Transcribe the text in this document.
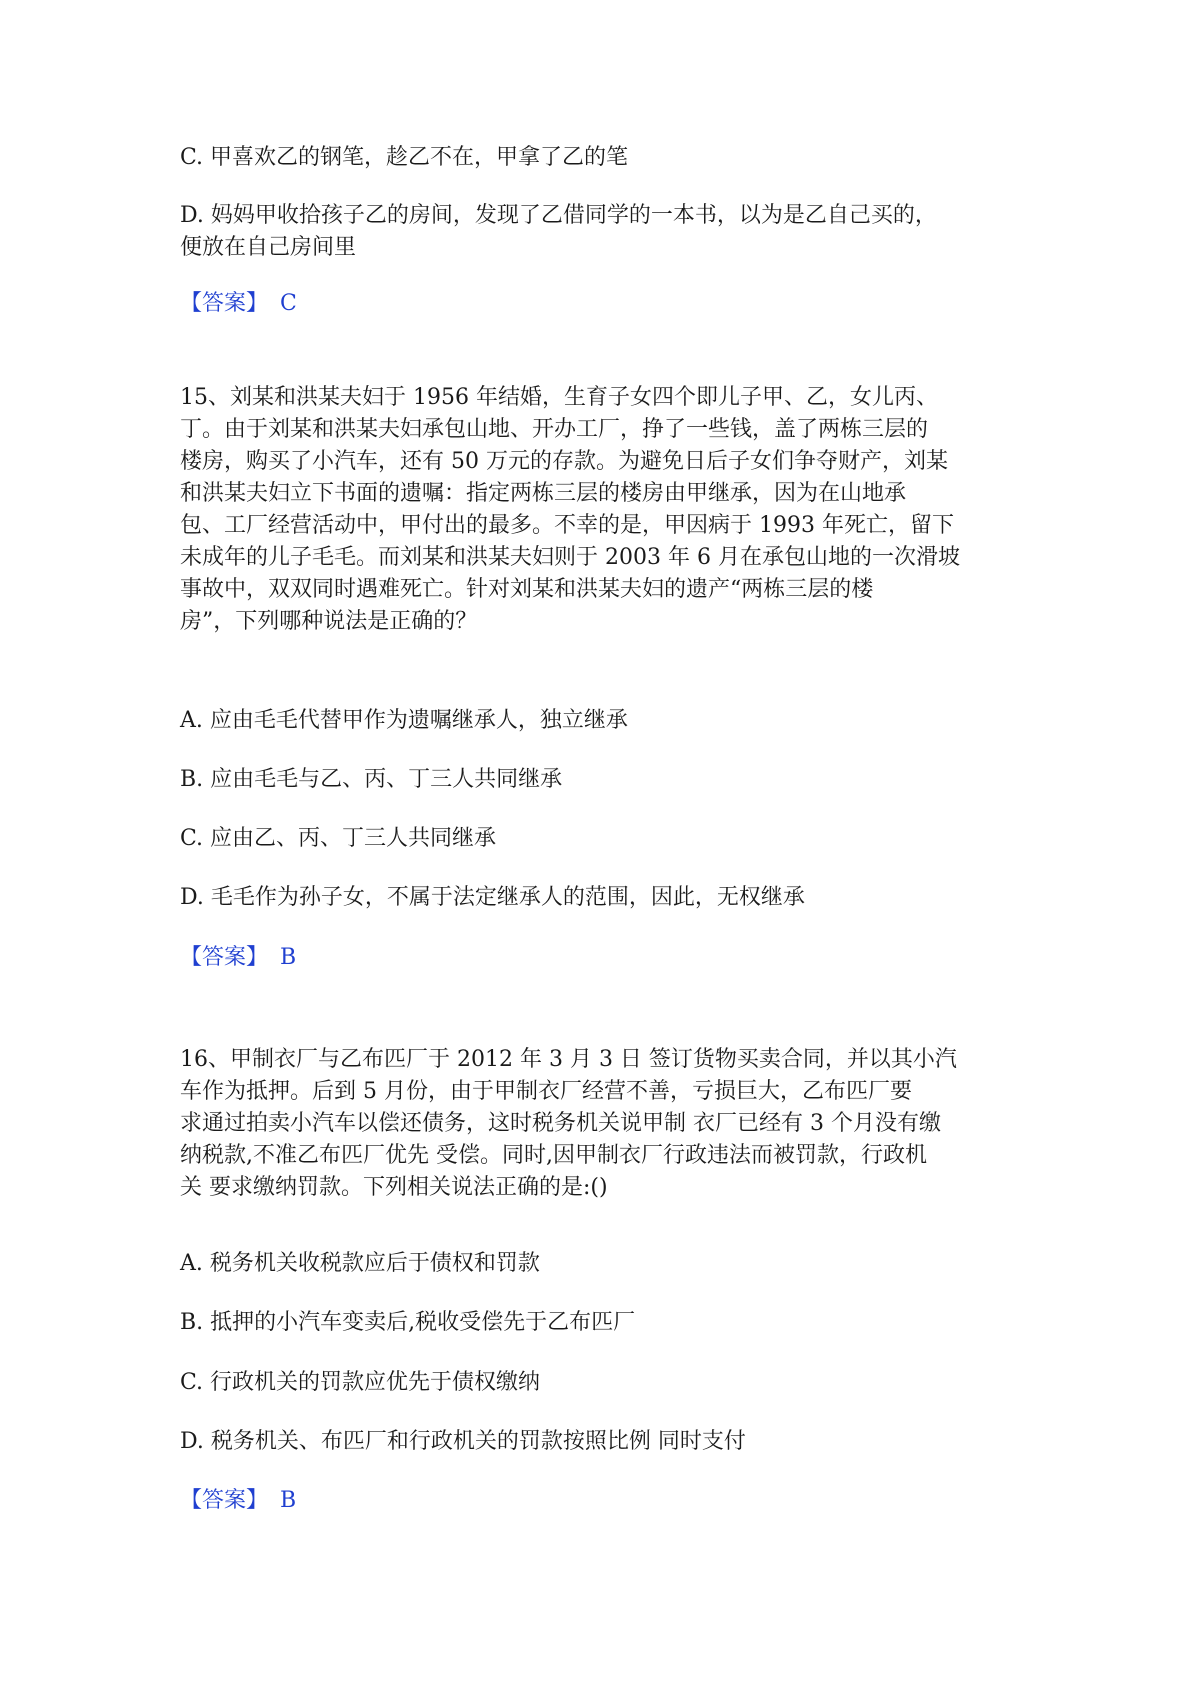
C. 甲喜欢乙的钢笔，趁乙不在，甲拿了乙的笔
D. 妈妈甲收拾孩子乙的房间，发现了乙借同学的一本书，以为是乙自己买的，
便放在自己房间里
【答案】 C
15、刘某和洪某夫妇于 1956 年结婚，生育子女四个即儿子甲、乙，女儿丙、
丁。由于刘某和洪某夫妇承包山地、开办工厂，挣了一些钱，盖了两栋三层的
楼房，购买了小汽车，还有 50 万元的存款。为避免日后子女们争夺财产，刘某
和洪某夫妇立下书面的遗嘱：指定两栋三层的楼房由甲继承，因为在山地承
包、工厂经营活动中，甲付出的最多。不幸的是，甲因病于 1993 年死亡，留下
未成年的儿子毛毛。而刘某和洪某夫妇则于 2003 年 6 月在承包山地的一次滑坡
事故中，双双同时遇难死亡。针对刘某和洪某夫妇的遗产“两栋三层的楼
房”，下列哪种说法是正确的？
A. 应由毛毛代替甲作为遗嘱继承人，独立继承
B. 应由毛毛与乙、丙、丁三人共同继承
C. 应由乙、丙、丁三人共同继承
D. 毛毛作为孙子女，不属于法定继承人的范围，因此，无权继承
【答案】 B
16、甲制衣厂与乙布匹厂于 2012 年 3 月 3 日 签订货物买卖合同，并以其小汽
车作为抵押。后到 5 月份，由于甲制衣厂经营不善，亏损巨大，乙布匹厂要
求通过拍卖小汽车以偿还债务，这时税务机关说甲制 衣厂已经有 3 个月没有缴
纳税款,不准乙布匹厂优先 受偿。同时,因甲制衣厂行政违法而被罚款，行政机
关 要求缴纳罚款。下列相关说法正确的是:()
A. 税务机关收税款应后于债权和罚款
B. 抵押的小汽车变卖后,税收受偿先于乙布匹厂
C. 行政机关的罚款应优先于债权缴纳
D. 税务机关、布匹厂和行政机关的罚款按照比例 同时支付
【答案】 B
